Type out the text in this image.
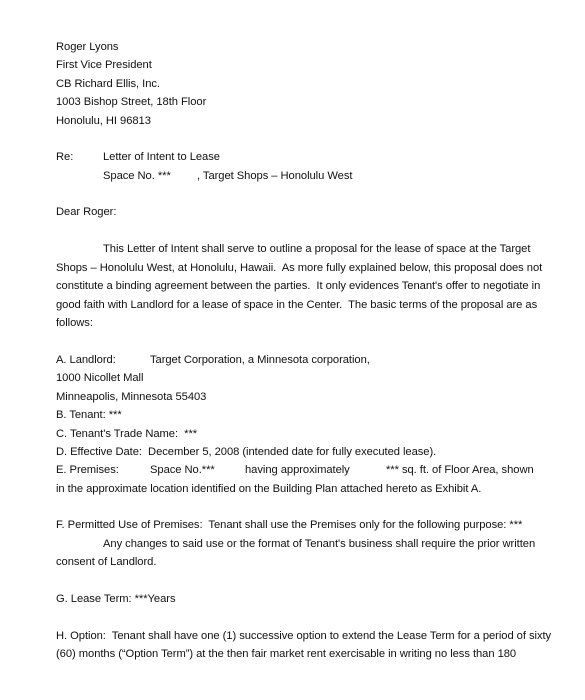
Roger Lyons
First Vice President
CB Richard Ellis, Inc.
1003 Bishop Street, 18th Floor
Honolulu, HI 96813
Re:	Letter of Intent to Lease
Space No. *** , Target Shops – Honolulu West
Dear Roger:
This Letter of Intent shall serve to outline a proposal for the lease of space at the Target
Shops – Honolulu West, at Honolulu, Hawaii.  As more fully explained below, this proposal does not
constitute a binding agreement between the parties.  It only evidences Tenant's offer to negotiate in
good faith with Landlord for a lease of space in the Center.  The basic terms of the proposal are as
follows:
A. Landlord:	Target Corporation, a Minnesota corporation,
1000 Nicollet Mall
Minneapolis, Minnesota 55403
B. Tenant: ***
C. Tenant's Trade Name:  ***
D. Effective Date:  December 5, 2008 (intended date for fully executed lease).
E. Premises:	Space No.***	having approximately	*** sq. ft. of Floor Area, shown
in the approximate location identified on the Building Plan attached hereto as Exhibit A.
F. Permitted Use of Premises:  Tenant shall use the Premises only for the following purpose: ***
Any changes to said use or the format of Tenant's business shall require the prior written
consent of Landlord.
G. Lease Term: ***Years
H. Option:  Tenant shall have one (1) successive option to extend the Lease Term for a period of sixty
(60) months (“Option Term”) at the then fair market rent exercisable in writing no less than 180
